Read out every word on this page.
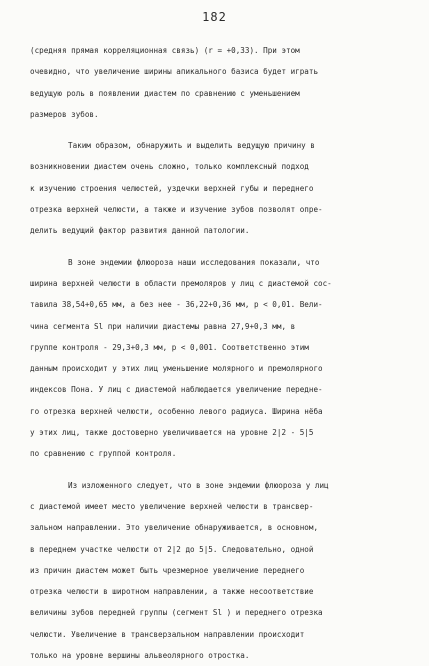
182
(средняя прямая корреляционная связь) (r = +0,33). При этом
очевидно, что увеличение ширины апикального базиса будет играть
ведущую роль в появлении диастем по сравнению с уменьшением
размеров зубов.
Таким образом, обнаружить и выделить ведущую причину в
возникновении диастем очень сложно, только комплексный подход
к изучению строения челюстей, уздечки верхней губы и переднего
отрезка верхней челюсти, а также и изучение зубов позволят опре-
делить ведущий фактор развития данной патологии.
В зоне эндемии флюороза наши исследования показали, что
ширина верхней челюсти в области премоляров у лиц с диастемой сос-
тавила 38,54+0,65 мм, а без нее - 36,22+0,36 мм, р < 0,01. Вели-
чина сегмента Sl при наличии диастемы равна 27,9+0,3 мм, в
группе контроля - 29,3+0,3 мм, р < 0,001. Соответственно этим
данным происходит у этих лиц уменьшение молярного и премолярного
индексов Пона. У лиц с диастемой наблюдается увеличение передне-
го отрезка верхней челюсти, особенно левого радиуса. Ширина нёба
у этих лиц, также достоверно увеличивается на уровне 2|2 - 5|5
по сравнению с группой контроля.
Из изложенного следует, что в зоне эндемии флюороза у лиц
с диастемой имеет место увеличение верхней челюсти в трансвер-
зальном направлении. Это увеличение обнаруживается, в основном,
в переднем участке челюсти от 2|2 до 5|5. Следовательно, одной
из причин диастем может быть чрезмерное увеличение переднего
отрезка челюсти в широтном направлении, а также несоответствие
величины зубов передней группы (сегмент Sl ) и переднего отрезка
челюсти. Увеличение в трансверзальном направлении происходит
только на уровне вершины альвеолярного отростка.
